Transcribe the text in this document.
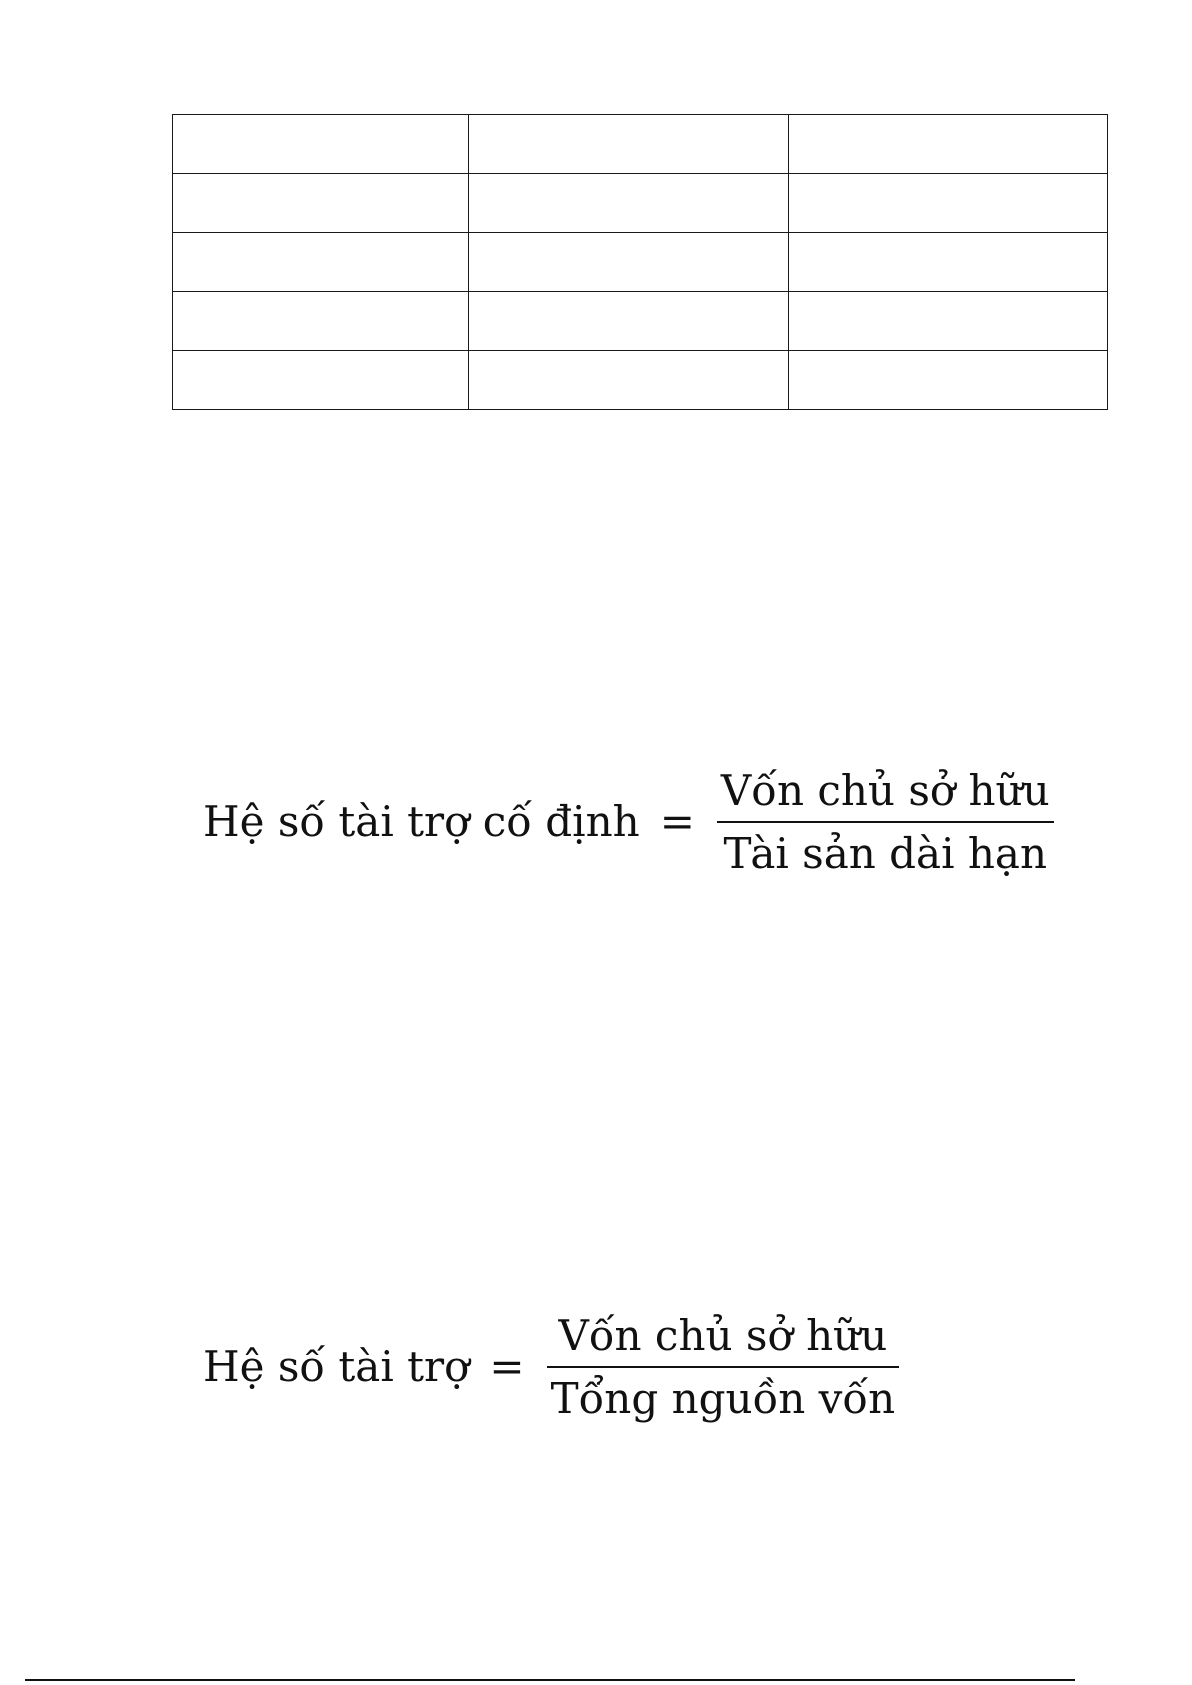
Hệ số tài trợ cố định = $\frac{\text{Vốn chủ sở hữu}}{\text{Tài sản dài hạn}}$
Hệ số tài trợ = $\frac{\text{Vốn chủ sở hữu}}{\text{Tổng nguồn vốn}}$
